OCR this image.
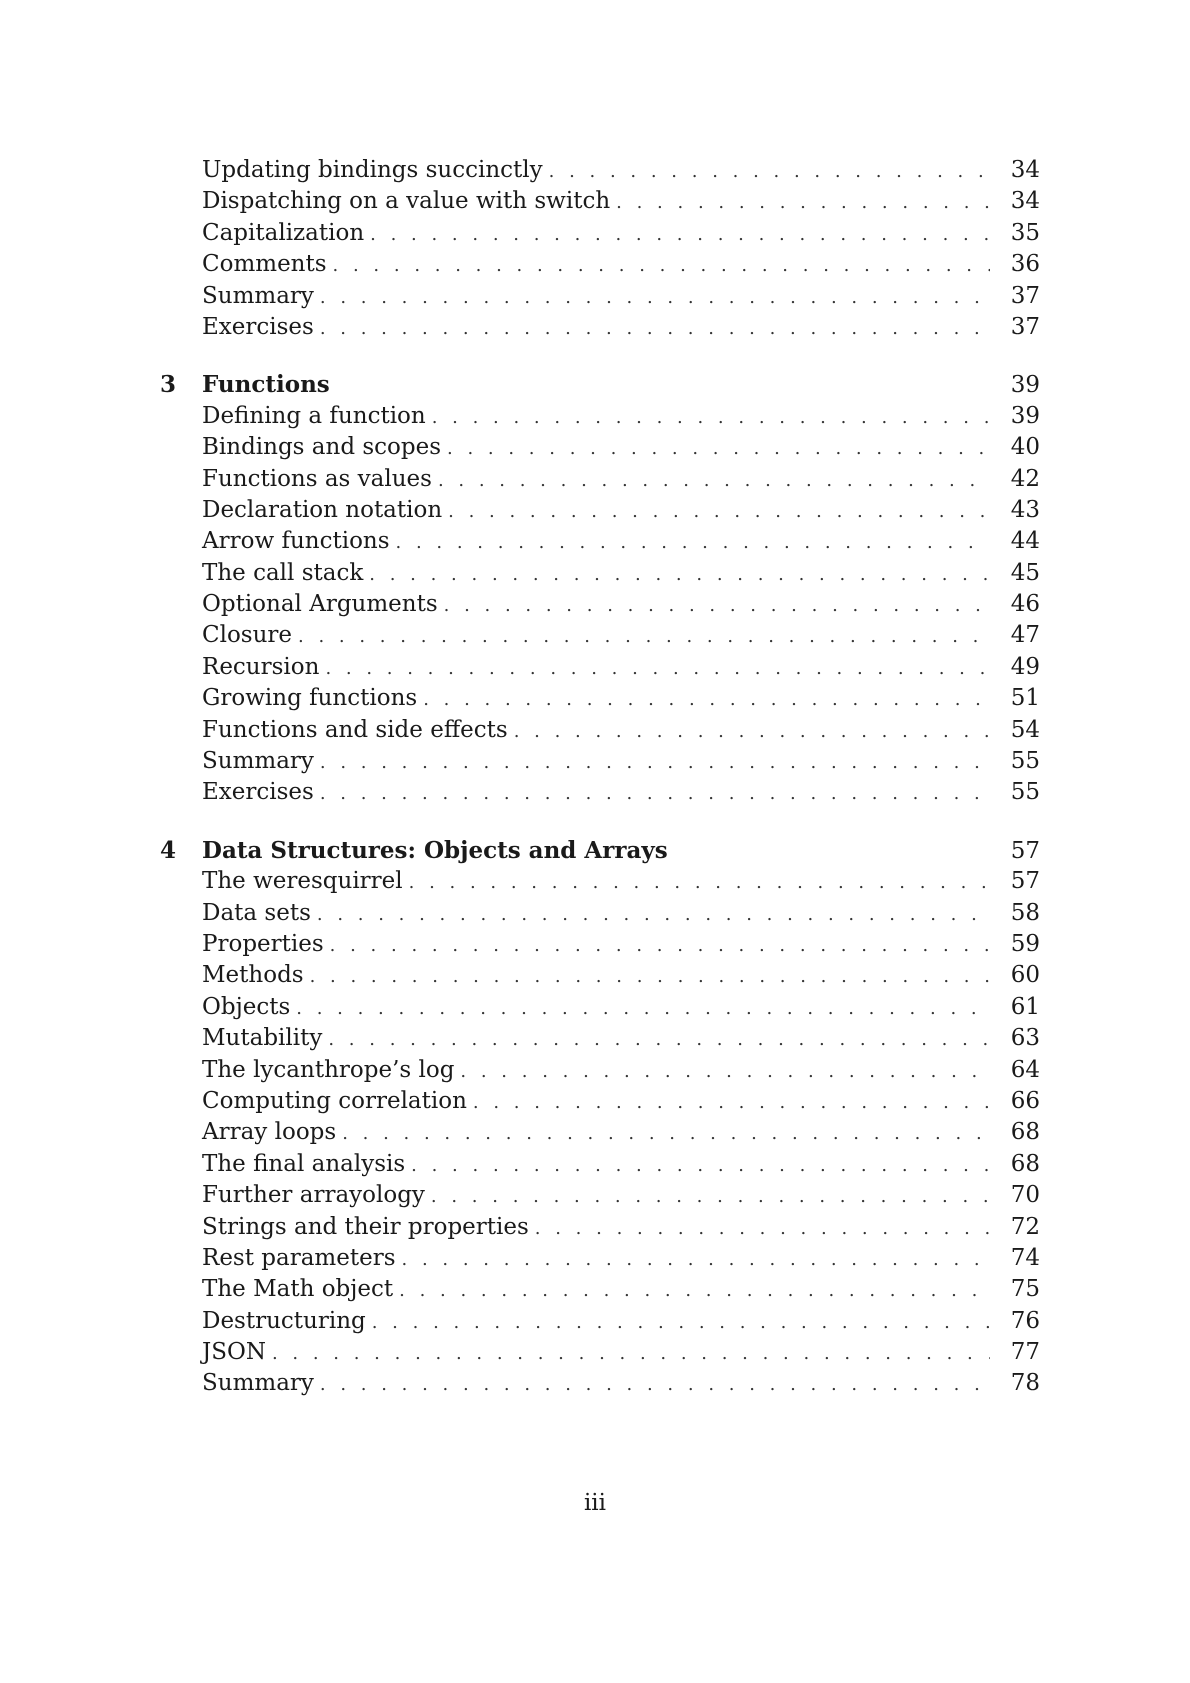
Updating bindings succinctly . . .	34
Dispatching on a value with switch . . .	34
Capitalization . . .	35
Comments . . .	36
Summary . . .	37
Exercises . . .	37
3	Functions	39
Defining a function . . .	39
Bindings and scopes . . .	40
Functions as values . . .	42
Declaration notation . . .	43
Arrow functions . . .	44
The call stack . . .	45
Optional Arguments . . .	46
Closure . . .	47
Recursion . . .	49
Growing functions . . .	51
Functions and side effects . . .	54
Summary . . .	55
Exercises . . .	55
4	Data Structures: Objects and Arrays	57
The weresquirrel . . .	57
Data sets . . .	58
Properties . . .	59
Methods . . .	60
Objects . . .	61
Mutability . . .	63
The lycanthrope’s log . . .	64
Computing correlation . . .	66
Array loops . . .	68
The final analysis . . .	68
Further arrayology . . .	70
Strings and their properties . . .	72
Rest parameters . . .	74
The Math object . . .	75
Destructuring . . .	76
JSON . . .	77
Summary . . .	78
iii
